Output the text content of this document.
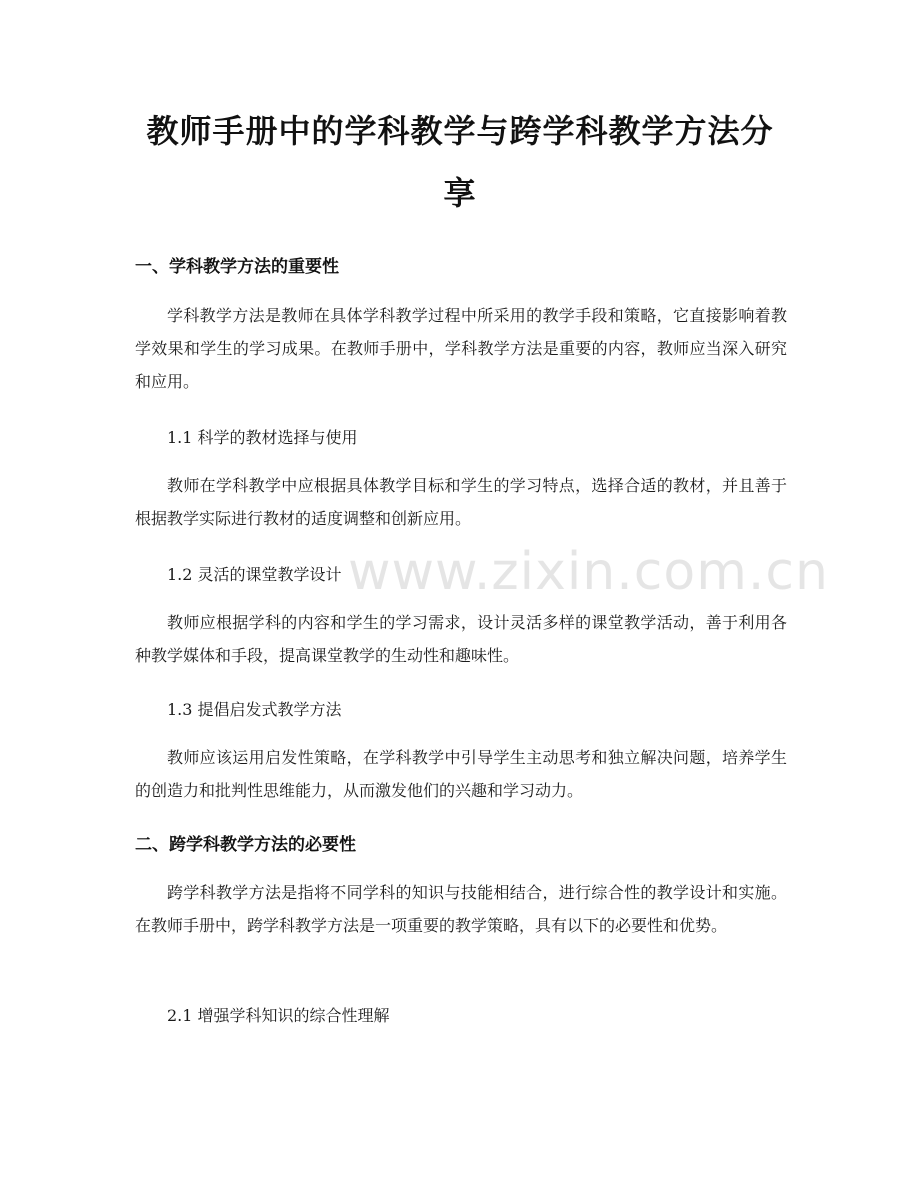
教师手册中的学科教学与跨学科教学方法分享
一、学科教学方法的重要性
学科教学方法是教师在具体学科教学过程中所采用的教学手段和策略，它直接影响着教学效果和学生的学习成果。在教师手册中，学科教学方法是重要的内容，教师应当深入研究和应用。
1.1 科学的教材选择与使用
教师在学科教学中应根据具体教学目标和学生的学习特点，选择合适的教材，并且善于根据教学实际进行教材的适度调整和创新应用。
1.2 灵活的课堂教学设计
教师应根据学科的内容和学生的学习需求，设计灵活多样的课堂教学活动，善于利用各种教学媒体和手段，提高课堂教学的生动性和趣味性。
1.3 提倡启发式教学方法
教师应该运用启发性策略，在学科教学中引导学生主动思考和独立解决问题，培养学生的创造力和批判性思维能力，从而激发他们的兴趣和学习动力。
二、跨学科教学方法的必要性
跨学科教学方法是指将不同学科的知识与技能相结合，进行综合性的教学设计和实施。在教师手册中，跨学科教学方法是一项重要的教学策略，具有以下的必要性和优势。
2.1 增强学科知识的综合性理解
www.zixin.com.cn
